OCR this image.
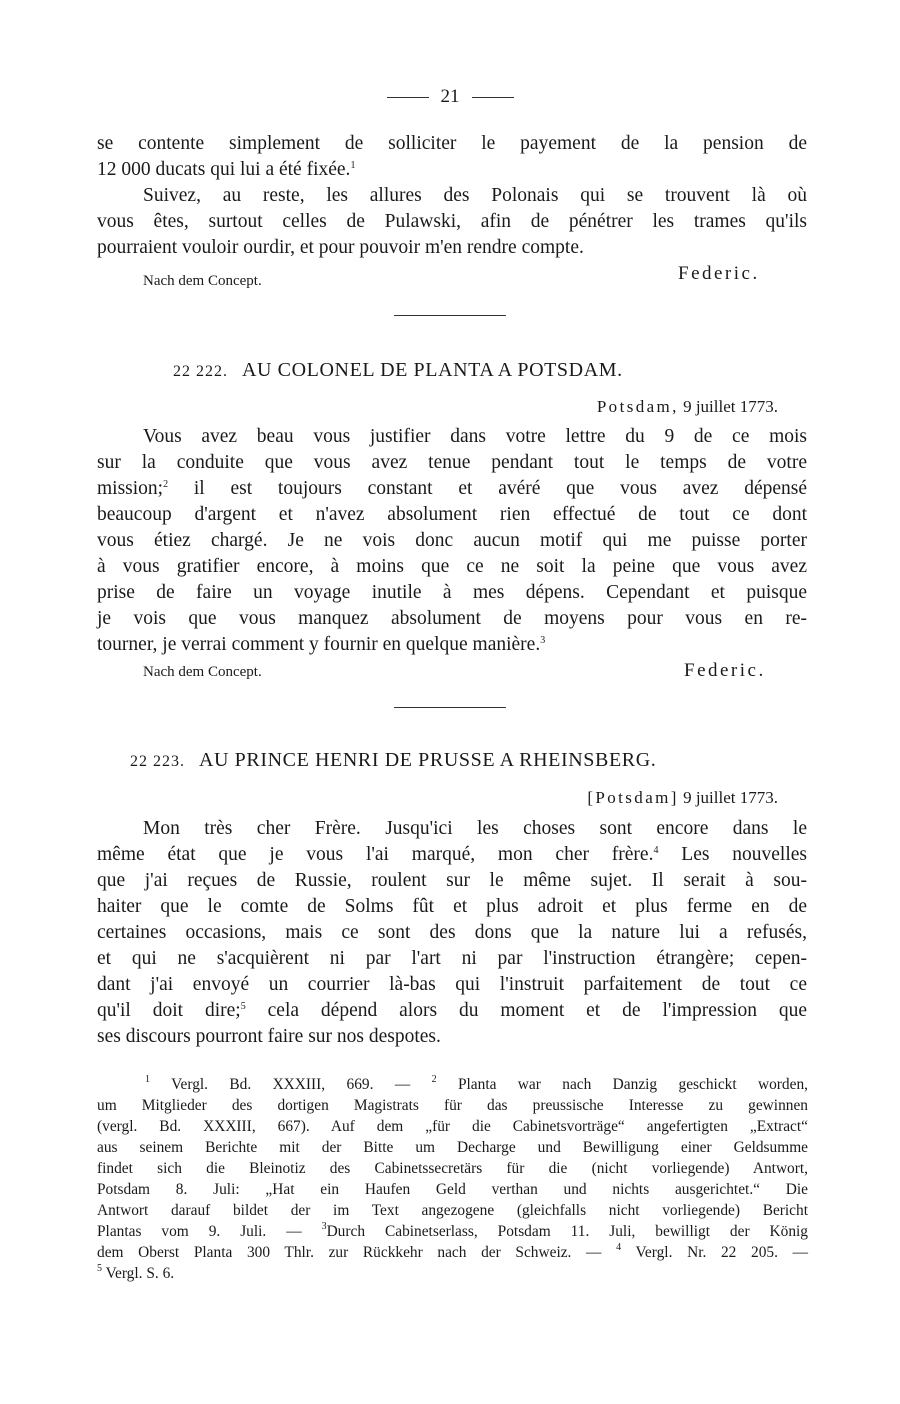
21
se contente simplement de solliciter le payement de la pension de
12 000 ducats qui lui a été fixée.$^1$
Suivez, au reste, les allures des Polonais qui se trouvent là où
vous êtes, surtout celles de Pulawski, afin de pénétrer les trames qu'ils
pourraient vouloir ourdir, et pour pouvoir m'en rendre compte.
Nach dem Concept.	Federic.
22 222. AU COLONEL DE PLANTA A POTSDAM.
Potsdam, 9 juillet 1773.
Vous avez beau vous justifier dans votre lettre du 9 de ce mois
sur la conduite que vous avez tenue pendant tout le temps de votre
mission;$^2$ il est toujours constant et avéré que vous avez dépensé
beaucoup d'argent et n'avez absolument rien effectué de tout ce dont
vous étiez chargé. Je ne vois donc aucun motif qui me puisse porter
à vous gratifier encore, à moins que ce ne soit la peine que vous avez
prise de faire un voyage inutile à mes dépens. Cependant et puisque
je vois que vous manquez absolument de moyens pour vous en re-
tourner, je verrai comment y fournir en quelque manière.$^3$
Nach dem Concept.	Federic.
22 223. AU PRINCE HENRI DE PRUSSE A RHEINSBERG.
[Potsdam] 9 juillet 1773.
Mon très cher Frère. Jusqu'ici les choses sont encore dans le
même état que je vous l'ai marqué, mon cher frère.$^4$ Les nouvelles
que j'ai reçues de Russie, roulent sur le même sujet. Il serait à sou-
haiter que le comte de Solms fût et plus adroit et plus ferme en de
certaines occasions, mais ce sont des dons que la nature lui a refusés,
et qui ne s'acquièrent ni par l'art ni par l'instruction étrangère; cepen-
dant j'ai envoyé un courrier là-bas qui l'instruit parfaitement de tout ce
qu'il doit dire;$^5$ cela dépend alors du moment et de l'impression que
ses discours pourront faire sur nos despotes.
$^1$ Vergl. Bd. XXXIII, 669. — $^2$ Planta war nach Danzig geschickt worden,
um Mitglieder des dortigen Magistrats für das preussische Interesse zu gewinnen
(vergl. Bd. XXXIII, 667). Auf dem „für die Cabinetsvorträge“ angefertigten „Extract“
aus seinem Berichte mit der Bitte um Decharge und Bewilligung einer Geldsumme
findet sich die Bleinotiz des Cabinetssecretärs für die (nicht vorliegende) Antwort,
Potsdam 8. Juli: „Hat ein Haufen Geld verthan und nichts ausgerichtet.“ Die
Antwort darauf bildet der im Text angezogene (gleichfalls nicht vorliegende) Bericht
Plantas vom 9. Juli. — $^3$Durch Cabinetserlass, Potsdam 11. Juli, bewilligt der König
dem Oberst Planta 300 Thlr. zur Rückkehr nach der Schweiz. — $^4$ Vergl. Nr. 22 205. —
$^5$ Vergl. S. 6.
